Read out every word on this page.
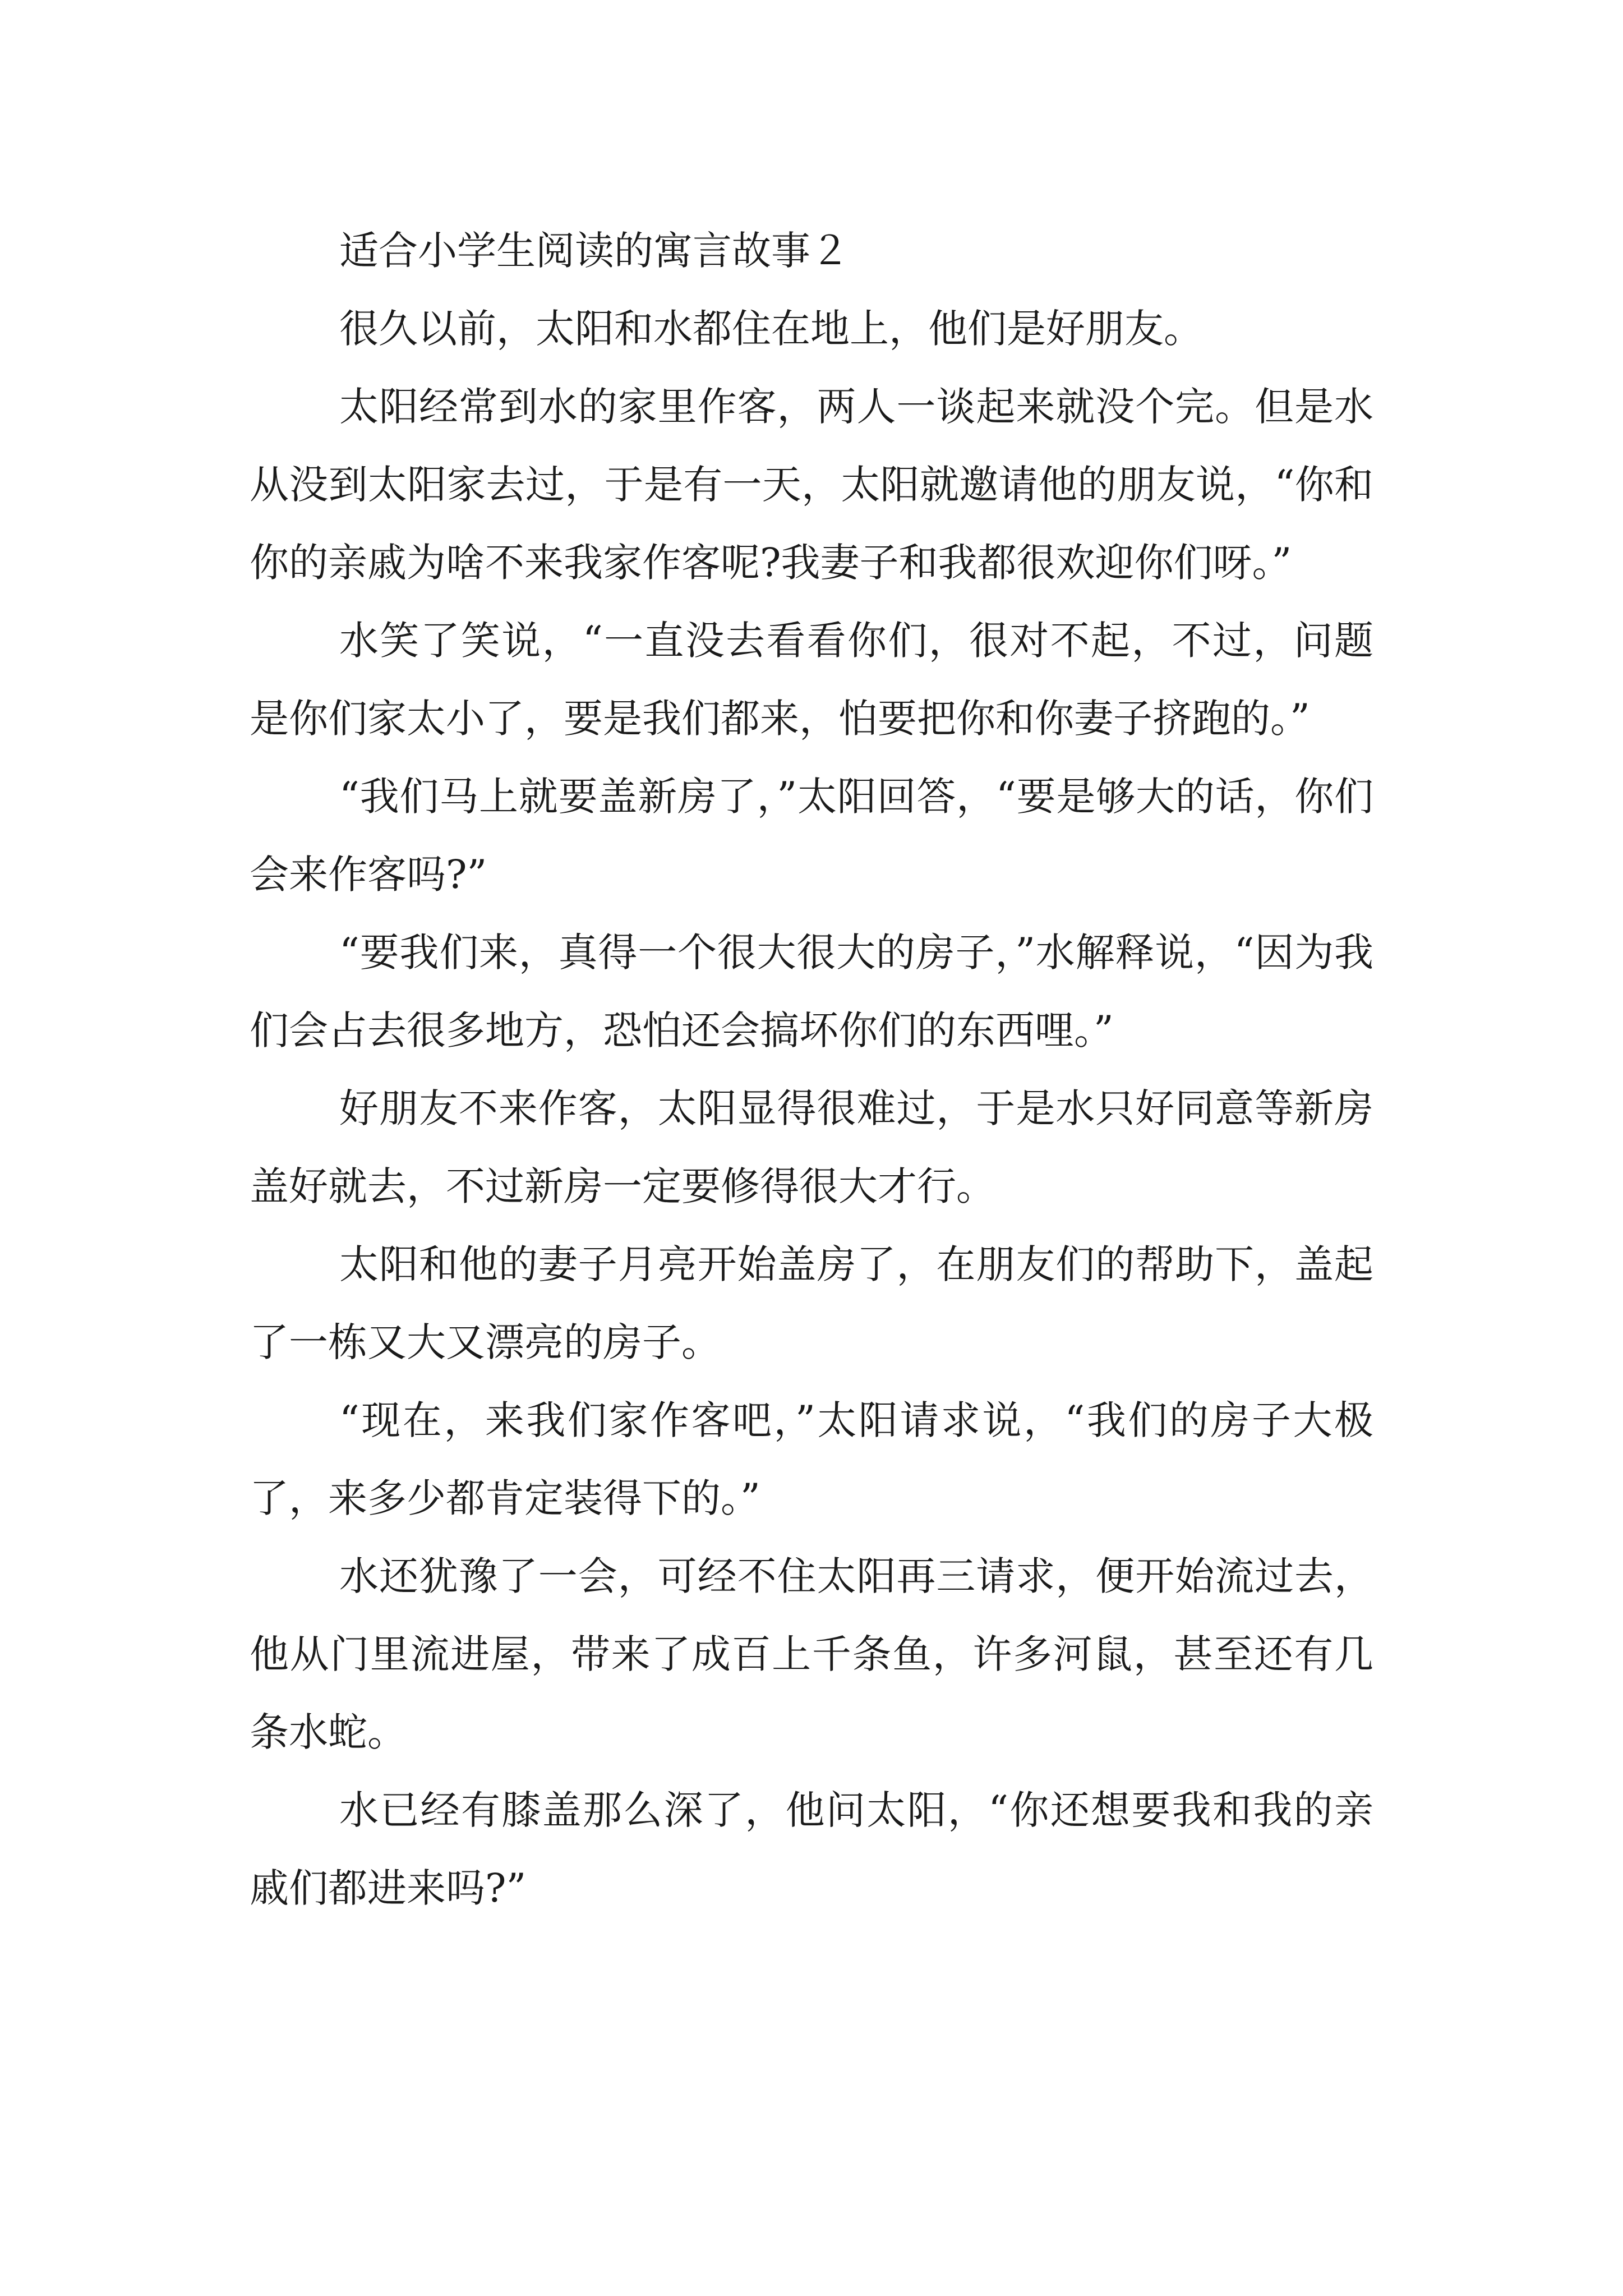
适合小学生阅读的寓言故事２

很久以前，太阳和水都住在地上，他们是好朋友。

太阳经常到水的家里作客，两人一谈起来就没个完。但是水从没到太阳家去过，于是有一天，太阳就邀请他的朋友说，“你和你的亲戚为啥不来我家作客呢?我妻子和我都很欢迎你们呀。”

水笑了笑说，“一直没去看看你们，很对不起，不过，问题是你们家太小了，要是我们都来，怕要把你和你妻子挤跑的。”

“我们马上就要盖新房了，”太阳回答，“要是够大的话，你们会来作客吗?”

“要我们来，真得一个很大很大的房子，”水解释说，“因为我们会占去很多地方，恐怕还会搞坏你们的东西哩。”

好朋友不来作客，太阳显得很难过，于是水只好同意等新房盖好就去，不过新房一定要修得很大才行。

太阳和他的妻子月亮开始盖房了，在朋友们的帮助下，盖起了一栋又大又漂亮的房子。

“现在，来我们家作客吧，”太阳请求说，“我们的房子大极了，来多少都肯定装得下的。”

水还犹豫了一会，可经不住太阳再三请求，便开始流过去，他从门里流进屋，带来了成百上千条鱼，许多河鼠，甚至还有几条水蛇。

水已经有膝盖那么深了，他问太阳，“你还想要我和我的亲戚们都进来吗?”
